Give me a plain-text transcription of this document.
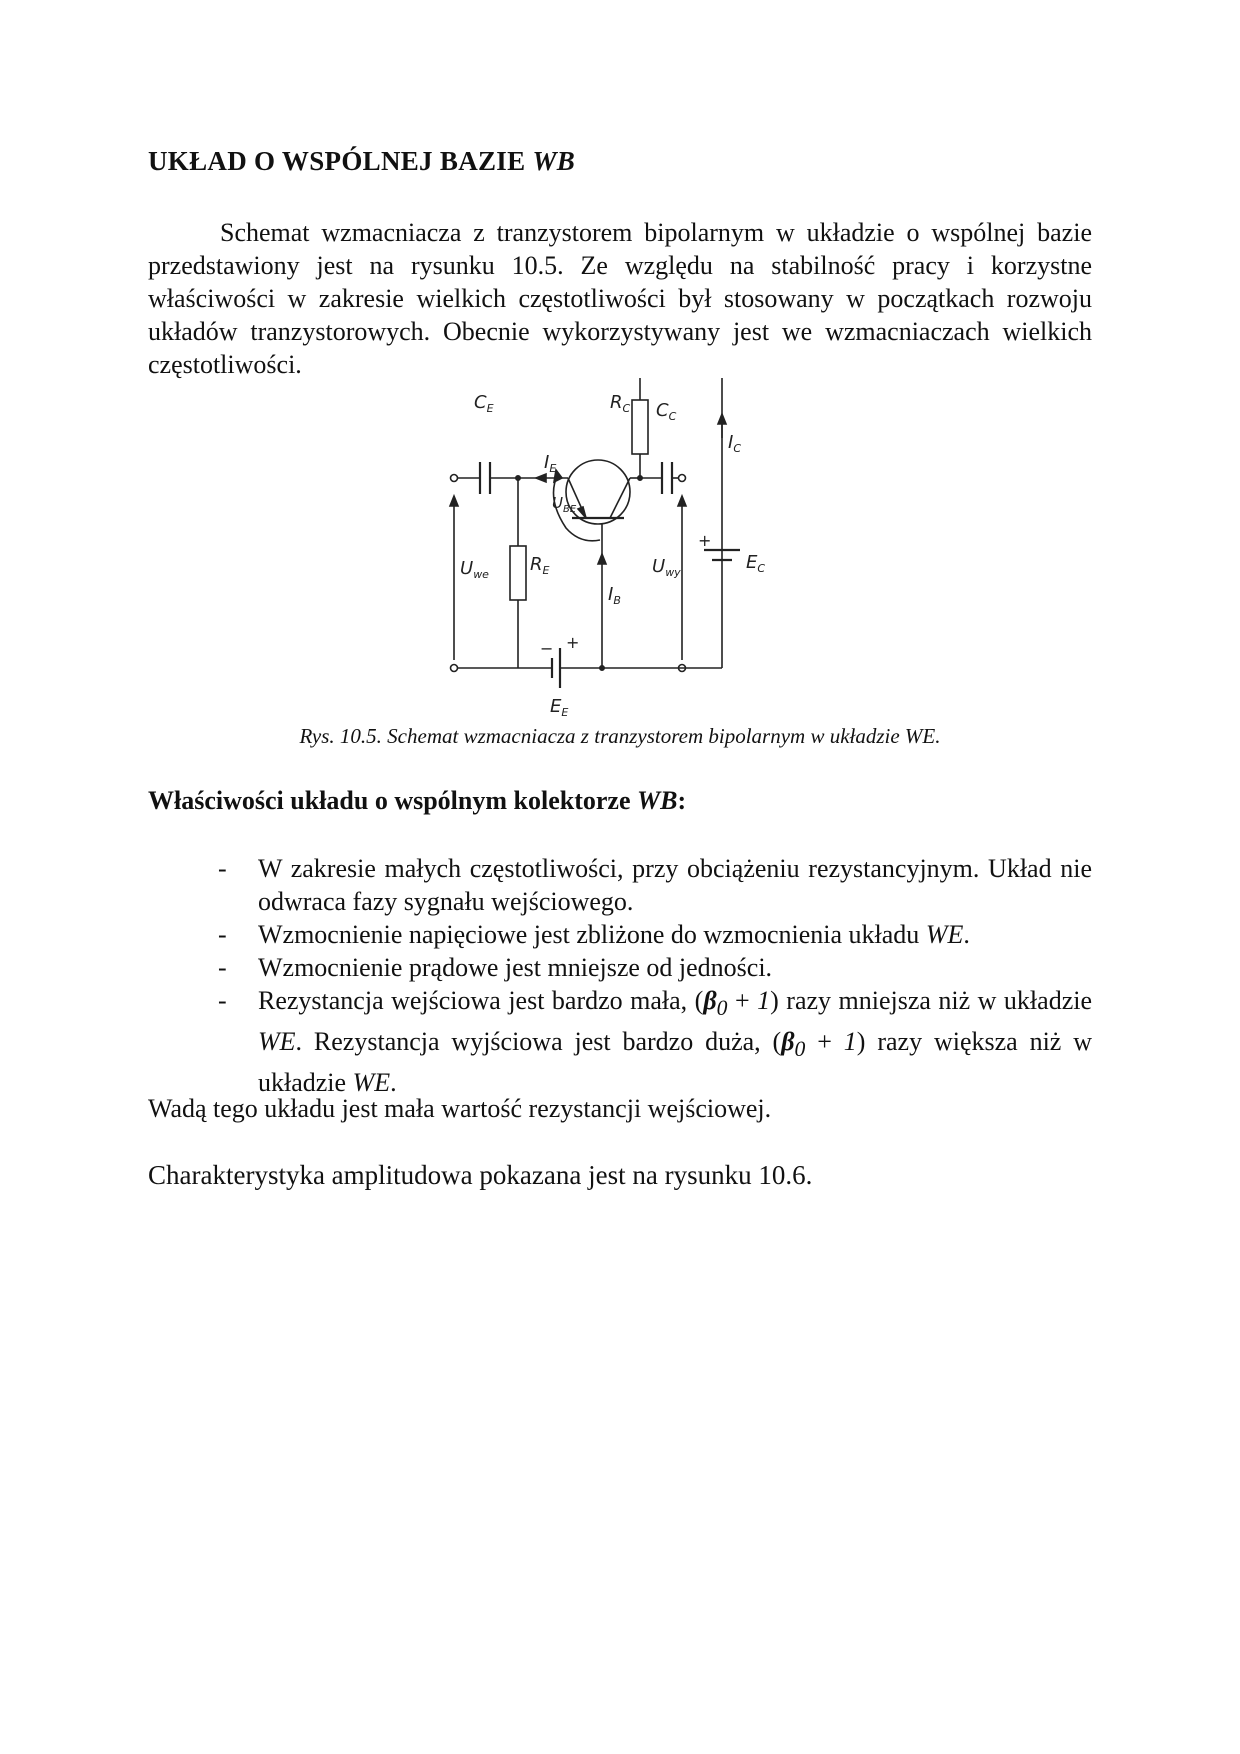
UKŁAD O WSPÓLNEJ BAZIE WB
Schemat wzmacniacza z tranzystorem bipolarnym w układzie o wspólnej bazie przedstawiony jest na rysunku 10.5. Ze względu na stabilność pracy i korzystne właściwości w zakresie wielkich częstotliwości był stosowany w początkach rozwoju układów tranzystorowych. Obecnie wykorzystywany jest we wzmacniaczach wielkich częstotliwości.
$C_E$	$R_C$ $C_C$
$I_E$
$I_C$
$U_{BE}$
$U_{we}$ $R_E$	$U_{wy}$	$E_C$
+
$I_B$
− +
$E_E$
Rys. 10.5. Schemat wzmacniacza z tranzystorem bipolarnym w układzie WE.
Właściwości układu o wspólnym kolektorze WB:
- W zakresie małych częstotliwości, przy obciążeniu rezystancyjnym. Układ nie odwraca fazy sygnału wejściowego.
- Wzmocnienie napięciowe jest zbliżone do wzmocnienia układu WE.
- Wzmocnienie prądowe jest mniejsze od jedności.
- Rezystancja wejściowa jest bardzo mała, $(\beta_0 + 1)$ razy mniejsza niż w układzie WE. Rezystancja wyjściowa jest bardzo duża, $(\beta_0 + 1)$ razy większa niż w układzie WE.
Wadą tego układu jest mała wartość rezystancji wejściowej.
Charakterystyka amplitudowa pokazana jest na rysunku 10.6.
